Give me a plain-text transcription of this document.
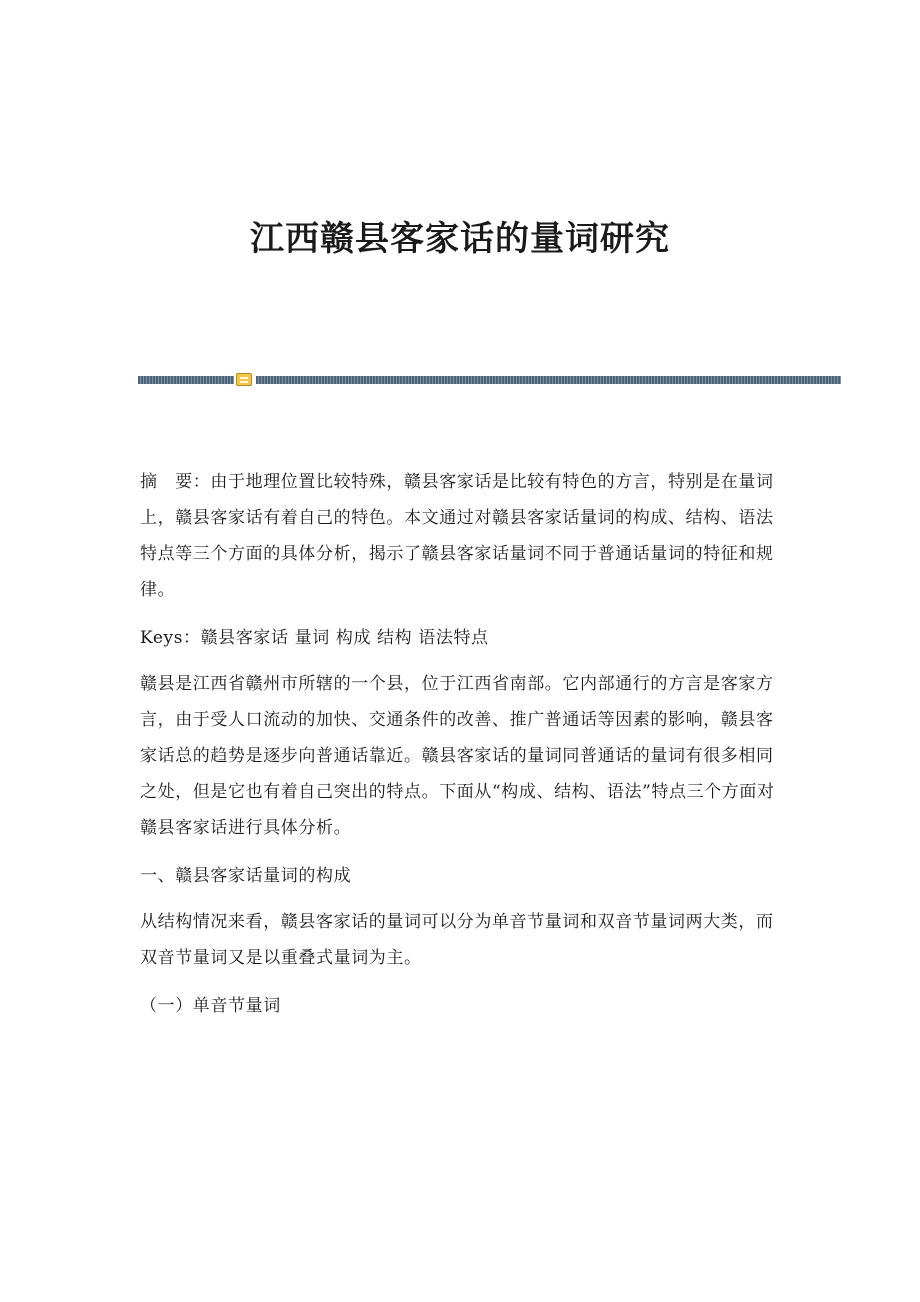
江西赣县客家话的量词研究

摘　要：由于地理位置比较特殊，赣县客家话是比较有特色的方言，特别是在量词上，赣县客家话有着自己的特色。本文通过对赣县客家话量词的构成、结构、语法特点等三个方面的具体分析，揭示了赣县客家话量词不同于普通话量词的特征和规律。

Keys：赣县客家话 量词 构成 结构 语法特点

赣县是江西省赣州市所辖的一个县，位于江西省南部。它内部通行的方言是客家方言，由于受人口流动的加快、交通条件的改善、推广普通话等因素的影响，赣县客家话总的趋势是逐步向普通话靠近。赣县客家话的量词同普通话的量词有很多相同之处，但是它也有着自己突出的特点。下面从“构成、结构、语法”特点三个方面对赣县客家话进行具体分析。

一、赣县客家话量词的构成

从结构情况来看，赣县客家话的量词可以分为单音节量词和双音节量词两大类，而双音节量词又是以重叠式量词为主。

（一）单音节量词
